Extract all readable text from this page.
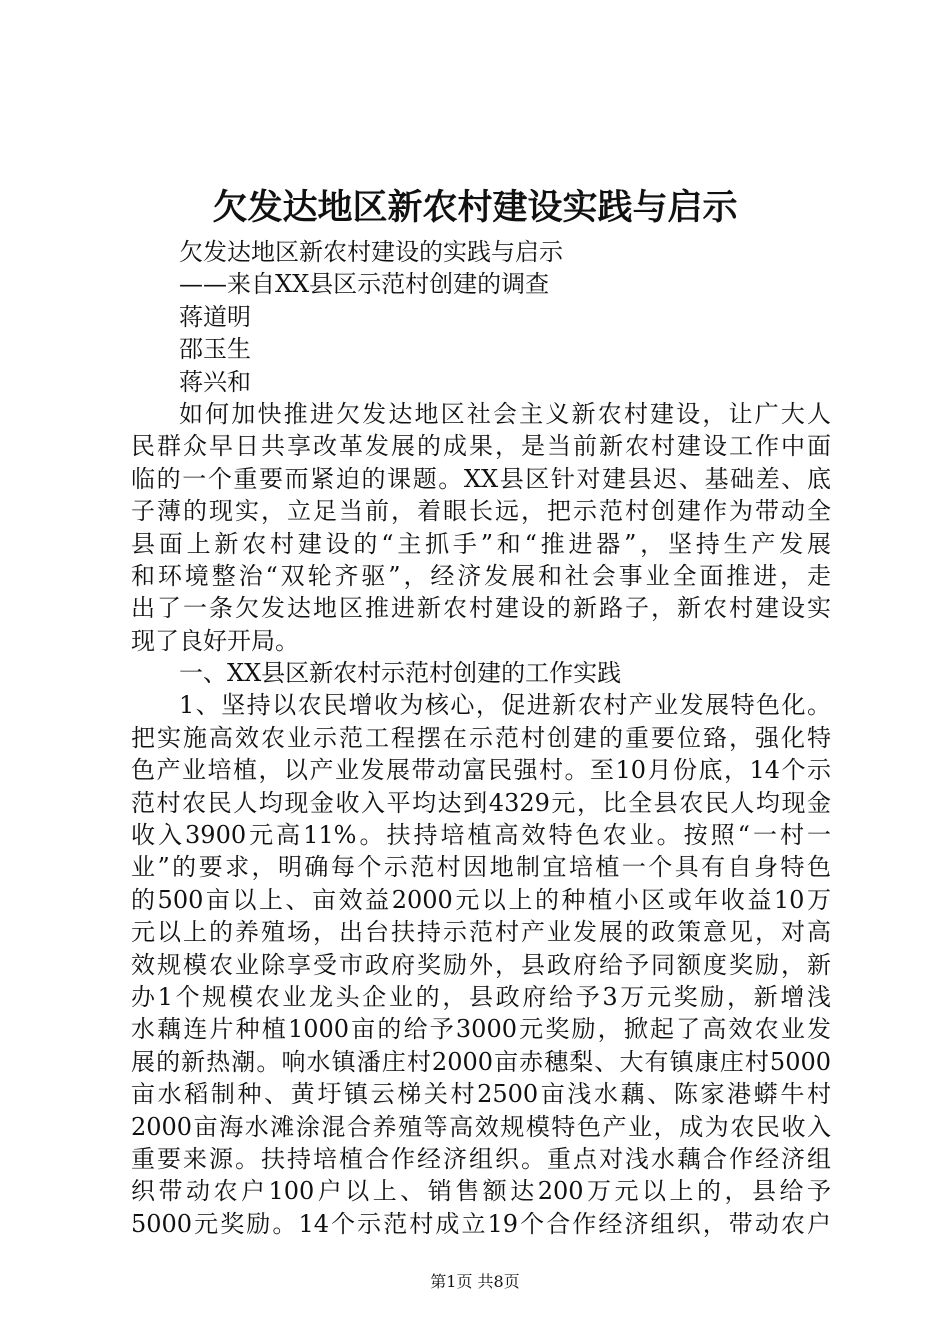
欠发达地区新农村建设实践与启示
欠发达地区新农村建设的实践与启示
——来自XX县区示范村创建的调查
蒋道明
邵玉生
蒋兴和
如何加快推进欠发达地区社会主义新农村建设，让广大人
民群众早日共享改革发展的成果，是当前新农村建设工作中面
临的一个重要而紧迫的课题。XX县区针对建县迟、基础差、底
子薄的现实，立足当前，着眼长远，把示范村创建作为带动全
县面上新农村建设的“主抓手”和“推进器”，坚持生产发展
和环境整治“双轮齐驱”，经济发展和社会事业全面推进，走
出了一条欠发达地区推进新农村建设的新路子，新农村建设实
现了良好开局。
一、XX县区新农村示范村创建的工作实践
1、坚持以农民增收为核心，促进新农村产业发展特色化。
把实施高效农业示范工程摆在示范村创建的重要位臵，强化特
色产业培植，以产业发展带动富民强村。至10月份底，14个示
范村农民人均现金收入平均达到4329元，比全县农民人均现金
收入3900元高11%。扶持培植高效特色农业。按照“一村一
业”的要求，明确每个示范村因地制宜培植一个具有自身特色
的500亩以上、亩效益2000元以上的种植小区或年收益10万
元以上的养殖场，出台扶持示范村产业发展的政策意见，对高
效规模农业除享受市政府奖励外，县政府给予同额度奖励，新
办1个规模农业龙头企业的，县政府给予3万元奖励，新增浅
水藕连片种植1000亩的给予3000元奖励，掀起了高效农业发
展的新热潮。响水镇潘庄村2000亩赤穗梨、大有镇康庄村5000
亩水稻制种、黄圩镇云梯关村2500亩浅水藕、陈家港蟒牛村
2000亩海水滩涂混合养殖等高效规模特色产业，成为农民收入
重要来源。扶持培植合作经济组织。重点对浅水藕合作经济组
织带动农户100户以上、销售额达200万元以上的，县给予
5000元奖励。14个示范村成立19个合作经济组织，带动农户
第1页 共8页
